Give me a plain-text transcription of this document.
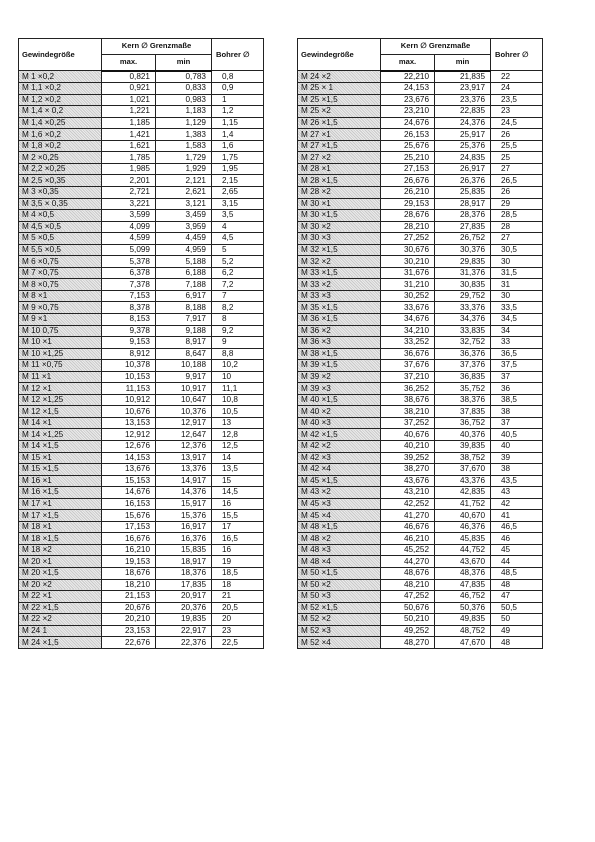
Gewindegröße	Kern ∅ Grenzmaße		Bohrer ∅
	max.	min	
M 1 ×0,2	0,821	0,783	0,8
M 1,1 ×0,2	0,921	0,833	0,9
M 1,2 ×0,2	1,021	0,983	1
M 1,4 × 0,2	1,221	1,183	1,2
M 1,4 ×0,25	1,185	1,129	1,15
M 1,6 ×0,2	1,421	1,383	1,4
M 1,8 ×0,2	1,621	1,583	1,6
M 2 ×0,25	1,785	1,729	1,75
M 2,2 ×0,25	1,985	1,929	1,95
M 2,5 ×0,35	2,201	2,121	2,15
M 3 ×0,35	2,721	2,621	2,65
M 3,5 × 0,35	3,221	3,121	3,15
M 4 ×0,5	3,599	3,459	3,5
M 4,5 ×0,5	4,099	3,959	4
M 5 ×0,5	4,599	4,459	4,5
M 5,5 ×0,5	5,099	4,959	5
M 6 ×0,75	5,378	5,188	5,2
M 7 ×0,75	6,378	6,188	6,2
M 8 ×0,75	7,378	7,188	7,2
M 8 ×1	7,153	6,917	7
M 9 ×0,75	8,378	8,188	8,2
M 9 ×1	8,153	7,917	8
M 10 0,75	9,378	9,188	9,2
M 10 ×1	9,153	8,917	9
M 10 ×1,25	8,912	8,647	8,8
M 11 ×0,75	10,378	10,188	10,2
M 11 ×1	10,153	9,917	10
M 12 ×1	11,153	10,917	11,1
M 12 ×1,25	10,912	10,647	10,8
M 12 ×1,5	10,676	10,376	10,5
M 14 ×1	13,153	12,917	13
M 14 ×1,25	12,912	12,647	12,8
M 14 ×1,5	12,676	12,376	12,5
M 15 ×1	14,153	13,917	14
M 15 ×1,5	13,676	13,376	13,5
M 16 ×1	15,153	14,917	15
M 16 ×1,5	14,676	14,376	14,5
M 17 ×1	16,153	15,917	16
M 17 ×1,5	15,676	15,376	15,5
M 18 ×1	17,153	16,917	17
M 18 ×1,5	16,676	16,376	16,5
M 18 ×2	16,210	15,835	16
M 20 ×1	19,153	18,917	19
M 20 ×1,5	18,676	18,376	18,5
M 20 ×2	18,210	17,835	18
M 22 ×1	21,153	20,917	21
M 22 ×1,5	20,676	20,376	20,5
M 22 ×2	20,210	19,835	20
M 24 1	23,153	22,917	23
M 24 ×1,5	22,676	22,376	22,5
Gewindegröße	Kern ∅ Grenzmaße		Bohrer ∅
	max.	min	
M 24 ×2	22,210	21,835	22
M 25 × 1	24,153	23,917	24
M 25 ×1,5	23,676	23,376	23,5
M 25 ×2	23,210	22,835	23
M 26 ×1,5	24,676	24,376	24,5
M 27 ×1	26,153	25,917	26
M 27 ×1,5	25,676	25,376	25,5
M 27 ×2	25,210	24,835	25
M 28 ×1	27,153	26,917	27
M 28 ×1,5	26,676	26,376	26,5
M 28 ×2	26,210	25,835	26
M 30 ×1	29,153	28,917	29
M 30 ×1,5	28,676	28,376	28,5
M 30 ×2	28,210	27,835	28
M 30 ×3	27,252	26,752	27
M 32 ×1,5	30,676	30,376	30,5
M 32 ×2	30,210	29,835	30
M 33 ×1,5	31,676	31,376	31,5
M 33 ×2	31,210	30,835	31
M 33 ×3	30,252	29,752	30
M 35 ×1,5	33,676	33,376	33,5
M 36 ×1,5	34,676	34,376	34,5
M 36 ×2	34,210	33,835	34
M 36 ×3	33,252	32,752	33
M 38 ×1,5	36,676	36,376	36,5
M 39 ×1,5	37,676	37,376	37,5
M 39 ×2	37,210	36,835	37
M 39 ×3	36,252	35,752	36
M 40 ×1,5	38,676	38,376	38,5
M 40 ×2	38,210	37,835	38
M 40 ×3	37,252	36,752	37
M 42 ×1,5	40,676	40,376	40,5
M 42 ×2	40,210	39,835	40
M 42 ×3	39,252	38,752	39
M 42 ×4	38,270	37,670	38
M 45 ×1,5	43,676	43,376	43,5
M 43 ×2	43,210	42,835	43
M 45 ×3	42,252	41,752	42
M 45 ×4	41,270	40,670	41
M 48 ×1,5	46,676	46,376	46,5
M 48 ×2	46,210	45,835	46
M 48 ×3	45,252	44,752	45
M 48 ×4	44,270	43,670	44
M 50 ×1,5	48,676	48,376	48,5
M 50 ×2	48,210	47,835	48
M 50 ×3	47,252	46,752	47
M 52 ×1,5	50,676	50,376	50,5
M 52 ×2	50,210	49,835	50
M 52 ×3	49,252	48,752	49
M 52 ×4	48,270	47,670	48
